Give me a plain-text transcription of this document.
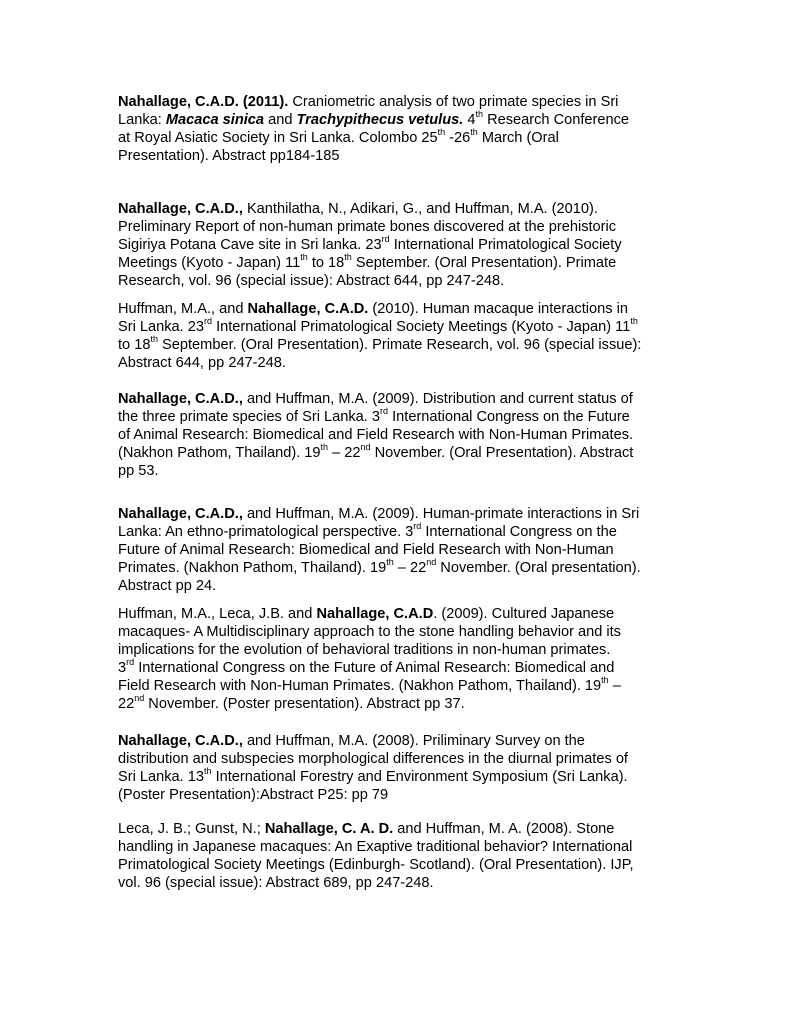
Nahallage, C.A.D. (2011). Craniometric analysis of two primate species in Sri
Lanka: Macaca sinica and Trachypithecus vetulus. 4th Research Conference
at Royal Asiatic Society in Sri Lanka. Colombo 25th -26th March (Oral
Presentation). Abstract pp184-185
Nahallage, C.A.D., Kanthilatha, N., Adikari, G., and Huffman, M.A. (2010).
Preliminary Report of non-human primate bones discovered at the prehistoric
Sigiriya Potana Cave site in Sri lanka. 23rd International Primatological Society
Meetings (Kyoto - Japan) 11th to 18th September. (Oral Presentation). Primate
Research, vol. 96 (special issue): Abstract 644, pp 247-248.
Huffman, M.A., and Nahallage, C.A.D. (2010). Human macaque interactions in
Sri Lanka. 23rd International Primatological Society Meetings (Kyoto - Japan) 11th
to 18th September. (Oral Presentation). Primate Research, vol. 96 (special issue):
Abstract 644, pp 247-248.
Nahallage, C.A.D., and Huffman, M.A. (2009). Distribution and current status of
the three primate species of Sri Lanka. 3rd International Congress on the Future
of Animal Research: Biomedical and Field Research with Non-Human Primates.
(Nakhon Pathom, Thailand). 19th – 22nd November. (Oral Presentation). Abstract
pp 53.
Nahallage, C.A.D., and Huffman, M.A. (2009). Human-primate interactions in Sri
Lanka: An ethno-primatological perspective. 3rd International Congress on the
Future of Animal Research: Biomedical and Field Research with Non-Human
Primates. (Nakhon Pathom, Thailand). 19th – 22nd November. (Oral presentation).
Abstract pp 24.
Huffman, M.A., Leca, J.B. and Nahallage, C.A.D. (2009). Cultured Japanese
macaques- A Multidisciplinary approach to the stone handling behavior and its
implications for the evolution of behavioral traditions in non-human primates.
3rd International Congress on the Future of Animal Research: Biomedical and
Field Research with Non-Human Primates. (Nakhon Pathom, Thailand). 19th –
22nd November. (Poster presentation). Abstract pp 37.
Nahallage, C.A.D., and Huffman, M.A. (2008). Priliminary Survey on the
distribution and subspecies morphological differences in the diurnal primates of
Sri Lanka. 13th International Forestry and Environment Symposium (Sri Lanka).
(Poster Presentation):Abstract P25: pp 79
Leca, J. B.; Gunst, N.; Nahallage, C. A. D. and Huffman, M. A. (2008). Stone
handling in Japanese macaques: An Exaptive traditional behavior? International
Primatological Society Meetings (Edinburgh- Scotland). (Oral Presentation). IJP,
vol. 96 (special issue): Abstract 689, pp 247-248.
